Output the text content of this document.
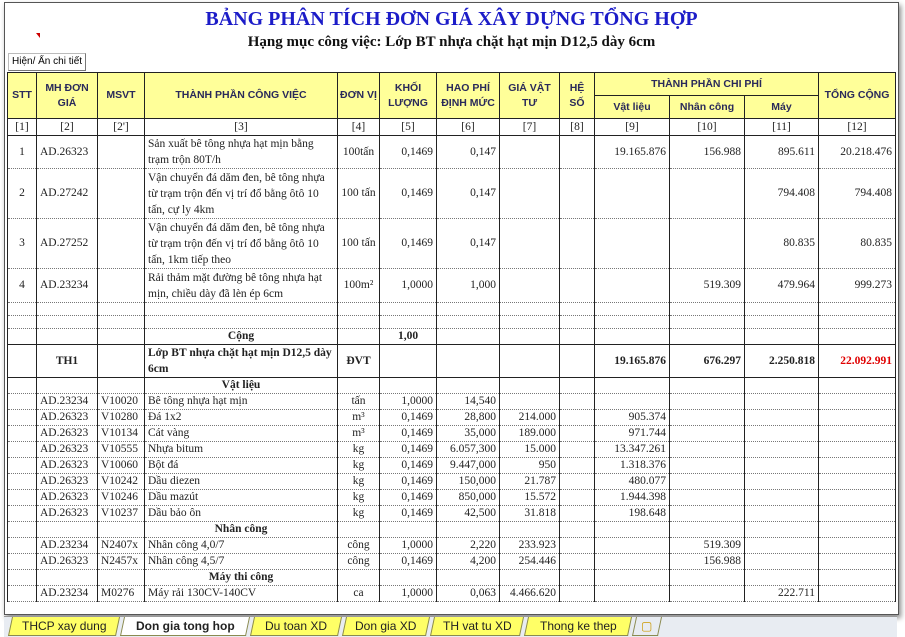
BẢNG PHÂN TÍCH ĐƠN GIÁ XÂY DỰNG TỔNG HỢP
Hạng mục công việc: Lớp BT nhựa chặt hạt mịn D12,5 dày 6cm
Hiện/ Ẩn chi tiết
STT	MH ĐƠN GIÁ	MSVT	THÀNH PHẦN CÔNG VIỆC	ĐƠN VỊ	KHỐI LƯỢNG	HAO PHÍ ĐỊNH MỨC	GIÁ VẬT TƯ	HỆ SỐ	THÀNH PHẦN CHI PHÍ			TỔNG CỘNG
									Vật liệu	Nhân công	Máy	
[1]	[2]	[2']	[3]	[4]	[5]	[6]	[7]	[8]	[9]	[10]	[11]	[12]
1	AD.26323		Sản xuất bê tông nhựa hạt mịn bằng trạm trộn 80T/h	100tấn	0,1469	0,147			19.165.876	156.988	895.611	20.218.476
2	AD.27242		Vận chuyển đá dăm đen, bê tông nhựa từ trạm trộn đến vị trí đổ bằng ôtô 10 tấn, cự ly 4km	100 tấn	0,1469	0,147					794.408	794.408
3	AD.27252		Vận chuyển đá dăm đen, bê tông nhựa từ trạm trộn đến vị trí đổ bằng ôtô 10 tấn, 1km tiếp theo	100 tấn	0,1469	0,147					80.835	80.835
4	AD.23234		Rải thảm mặt đường bê tông nhựa hạt mịn, chiều dày đã lèn ép 6cm	100m²	1,0000	1,000				519.309	479.964	999.273

			Cộng		1,00							
	TH1		Lớp BT nhựa chặt hạt mịn D12,5 dày 6cm	ĐVT					19.165.876	676.297	2.250.818	22.092.991
			Vật liệu									
	AD.23234	V10020	Bê tông nhựa hạt mịn	tấn	1,0000	14,540						
	AD.26323	V10280	Đá 1x2	m³	0,1469	28,800	214.000		905.374			
	AD.26323	V10134	Cát vàng	m³	0,1469	35,000	189.000		971.744			
	AD.26323	V10555	Nhựa bitum	kg	0,1469	6.057,300	15.000		13.347.261			
	AD.26323	V10060	Bột đá	kg	0,1469	9.447,000	950		1.318.376			
	AD.26323	V10242	Dầu diezen	kg	0,1469	150,000	21.787		480.077			
	AD.26323	V10246	Dầu mazút	kg	0,1469	850,000	15.572		1.944.398			
	AD.26323	V10237	Dầu bảo ôn	kg	0,1469	42,500	31.818		198.648			
			Nhân công									
	AD.23234	N2407x	Nhân công 4,0/7	công	1,0000	2,220	233.923			519.309		
	AD.26323	N2457x	Nhân công 4,5/7	công	0,1469	4,200	254.446			156.988		
			Máy thi công									
	AD.23234	M0276	Máy rải 130CV-140CV	ca	1,0000	0,063	4.466.620				222.711	
THCP xay dung	Don gia tong hop	Du toan XD	Don gia XD	TH vat tu XD	Thong ke thep	▢
